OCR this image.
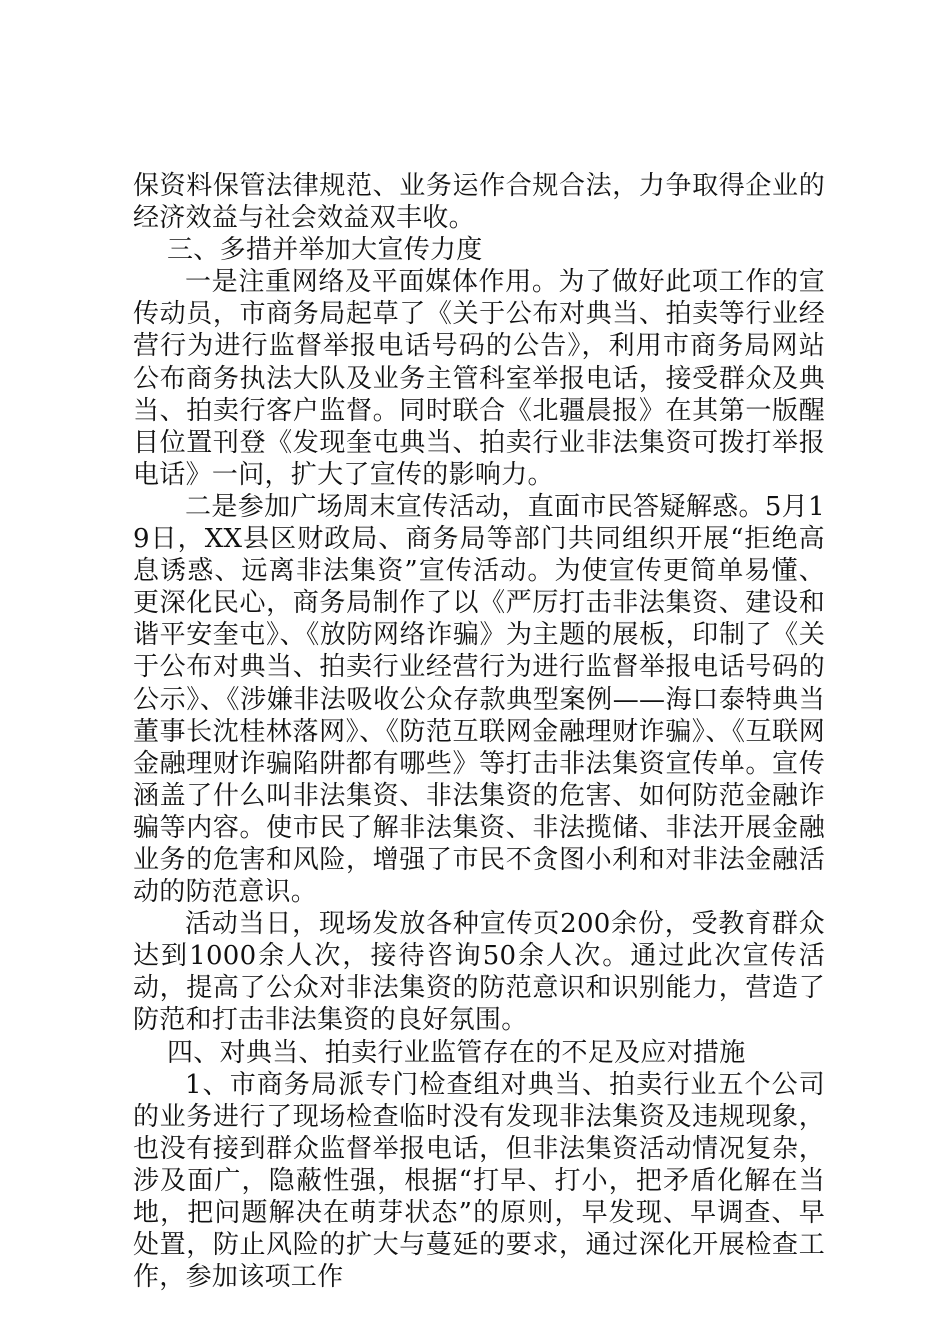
保资料保管法律规范、业务运作合规合法，力争取得企业的经济效益与社会效益双丰收。

三、多措并举加大宣传力度

一是注重网络及平面媒体作用。为了做好此项工作的宣传动员，市商务局起草了《关于公布对典当、拍卖等行业经营行为进行监督举报电话号码的公告》，利用市商务局网站公布商务执法大队及业务主管科室举报电话，接受群众及典当、拍卖行客户监督。同时联合《北疆晨报》在其第一版醒目位置刊登《发现奎屯典当、拍卖行业非法集资可拨打举报电话》一问，扩大了宣传的影响力。

二是参加广场周末宣传活动，直面市民答疑解惑。5月19日，XX县区财政局、商务局等部门共同组织开展“拒绝高息诱惑、远离非法集资”宣传活动。为使宣传更简单易懂、更深化民心，商务局制作了以《严厉打击非法集资、建设和谐平安奎屯》、《放防网络诈骗》为主题的展板，印制了《关于公布对典当、拍卖行业经营行为进行监督举报电话号码的公示》、《涉嫌非法吸收公众存款典型案例——海口泰特典当董事长沈桂林落网》、《防范互联网金融理财诈骗》、《互联网金融理财诈骗陷阱都有哪些》等打击非法集资宣传单。宣传涵盖了什么叫非法集资、非法集资的危害、如何防范金融诈骗等内容。使市民了解非法集资、非法揽储、非法开展金融业务的危害和风险，增强了市民不贪图小利和对非法金融活动的防范意识。

活动当日，现场发放各种宣传页200余份，受教育群众达到1000余人次，接待咨询50余人次。通过此次宣传活动，提高了公众对非法集资的防范意识和识别能力，营造了防范和打击非法集资的良好氛围。

四、对典当、拍卖行业监管存在的不足及应对措施

1、市商务局派专门检查组对典当、拍卖行业五个公司的业务进行了现场检查临时没有发现非法集资及违规现象，也没有接到群众监督举报电话，但非法集资活动情况复杂，涉及面广，隐蔽性强，根据“打早、打小，把矛盾化解在当地，把问题解决在萌芽状态”的原则，早发现、早调查、早处置，防止风险的扩大与蔓延的要求，通过深化开展检查工作，参加该项工作
